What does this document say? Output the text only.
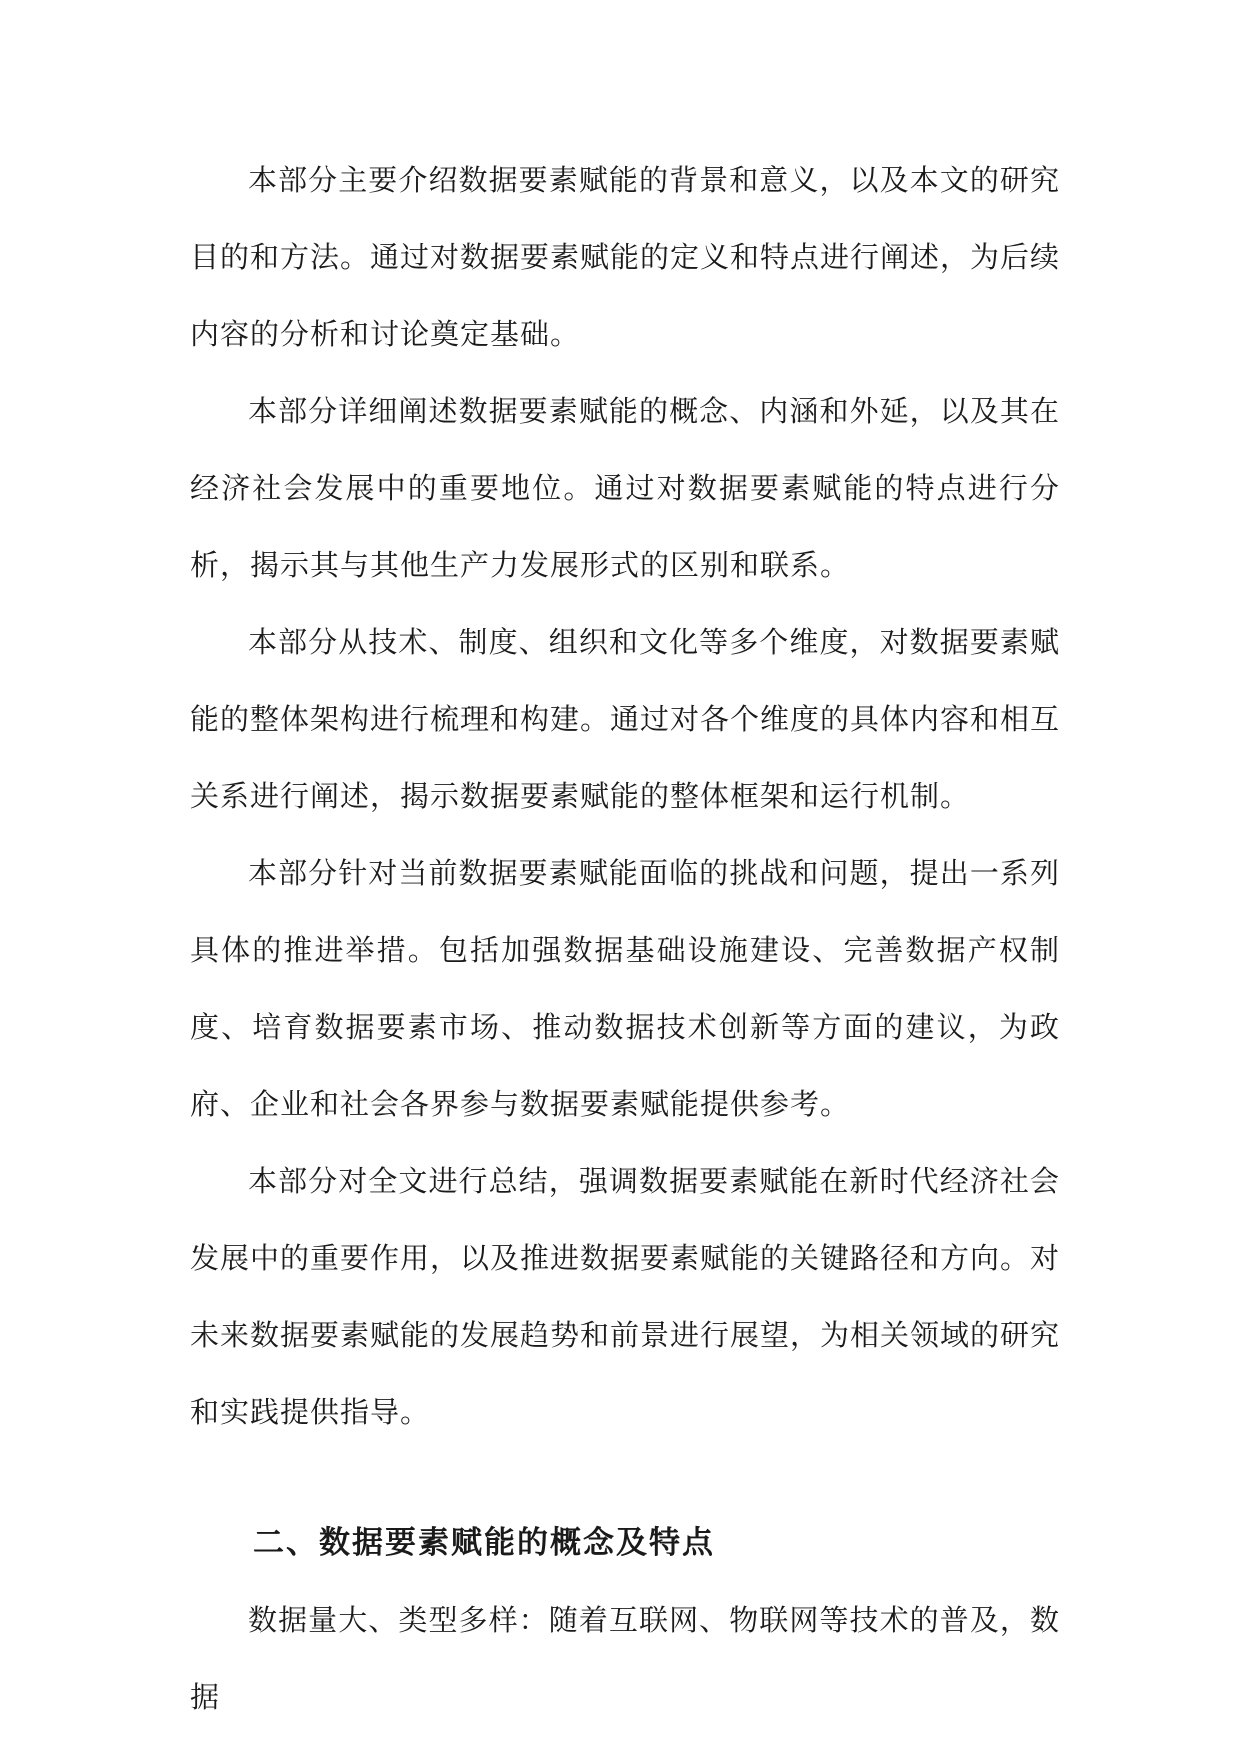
本部分主要介绍数据要素赋能的背景和意义，以及本文的研究目的和方法。通过对数据要素赋能的定义和特点进行阐述，为后续内容的分析和讨论奠定基础。

本部分详细阐述数据要素赋能的概念、内涵和外延，以及其在经济社会发展中的重要地位。通过对数据要素赋能的特点进行分析，揭示其与其他生产力发展形式的区别和联系。

本部分从技术、制度、组织和文化等多个维度，对数据要素赋能的整体架构进行梳理和构建。通过对各个维度的具体内容和相互关系进行阐述，揭示数据要素赋能的整体框架和运行机制。

本部分针对当前数据要素赋能面临的挑战和问题，提出一系列具体的推进举措。包括加强数据基础设施建设、完善数据产权制度、培育数据要素市场、推动数据技术创新等方面的建议，为政府、企业和社会各界参与数据要素赋能提供参考。

本部分对全文进行总结，强调数据要素赋能在新时代经济社会发展中的重要作用，以及推进数据要素赋能的关键路径和方向。对未来数据要素赋能的发展趋势和前景进行展望，为相关领域的研究和实践提供指导。

二、数据要素赋能的概念及特点

数据量大、类型多样：随着互联网、物联网等技术的普及，数据
